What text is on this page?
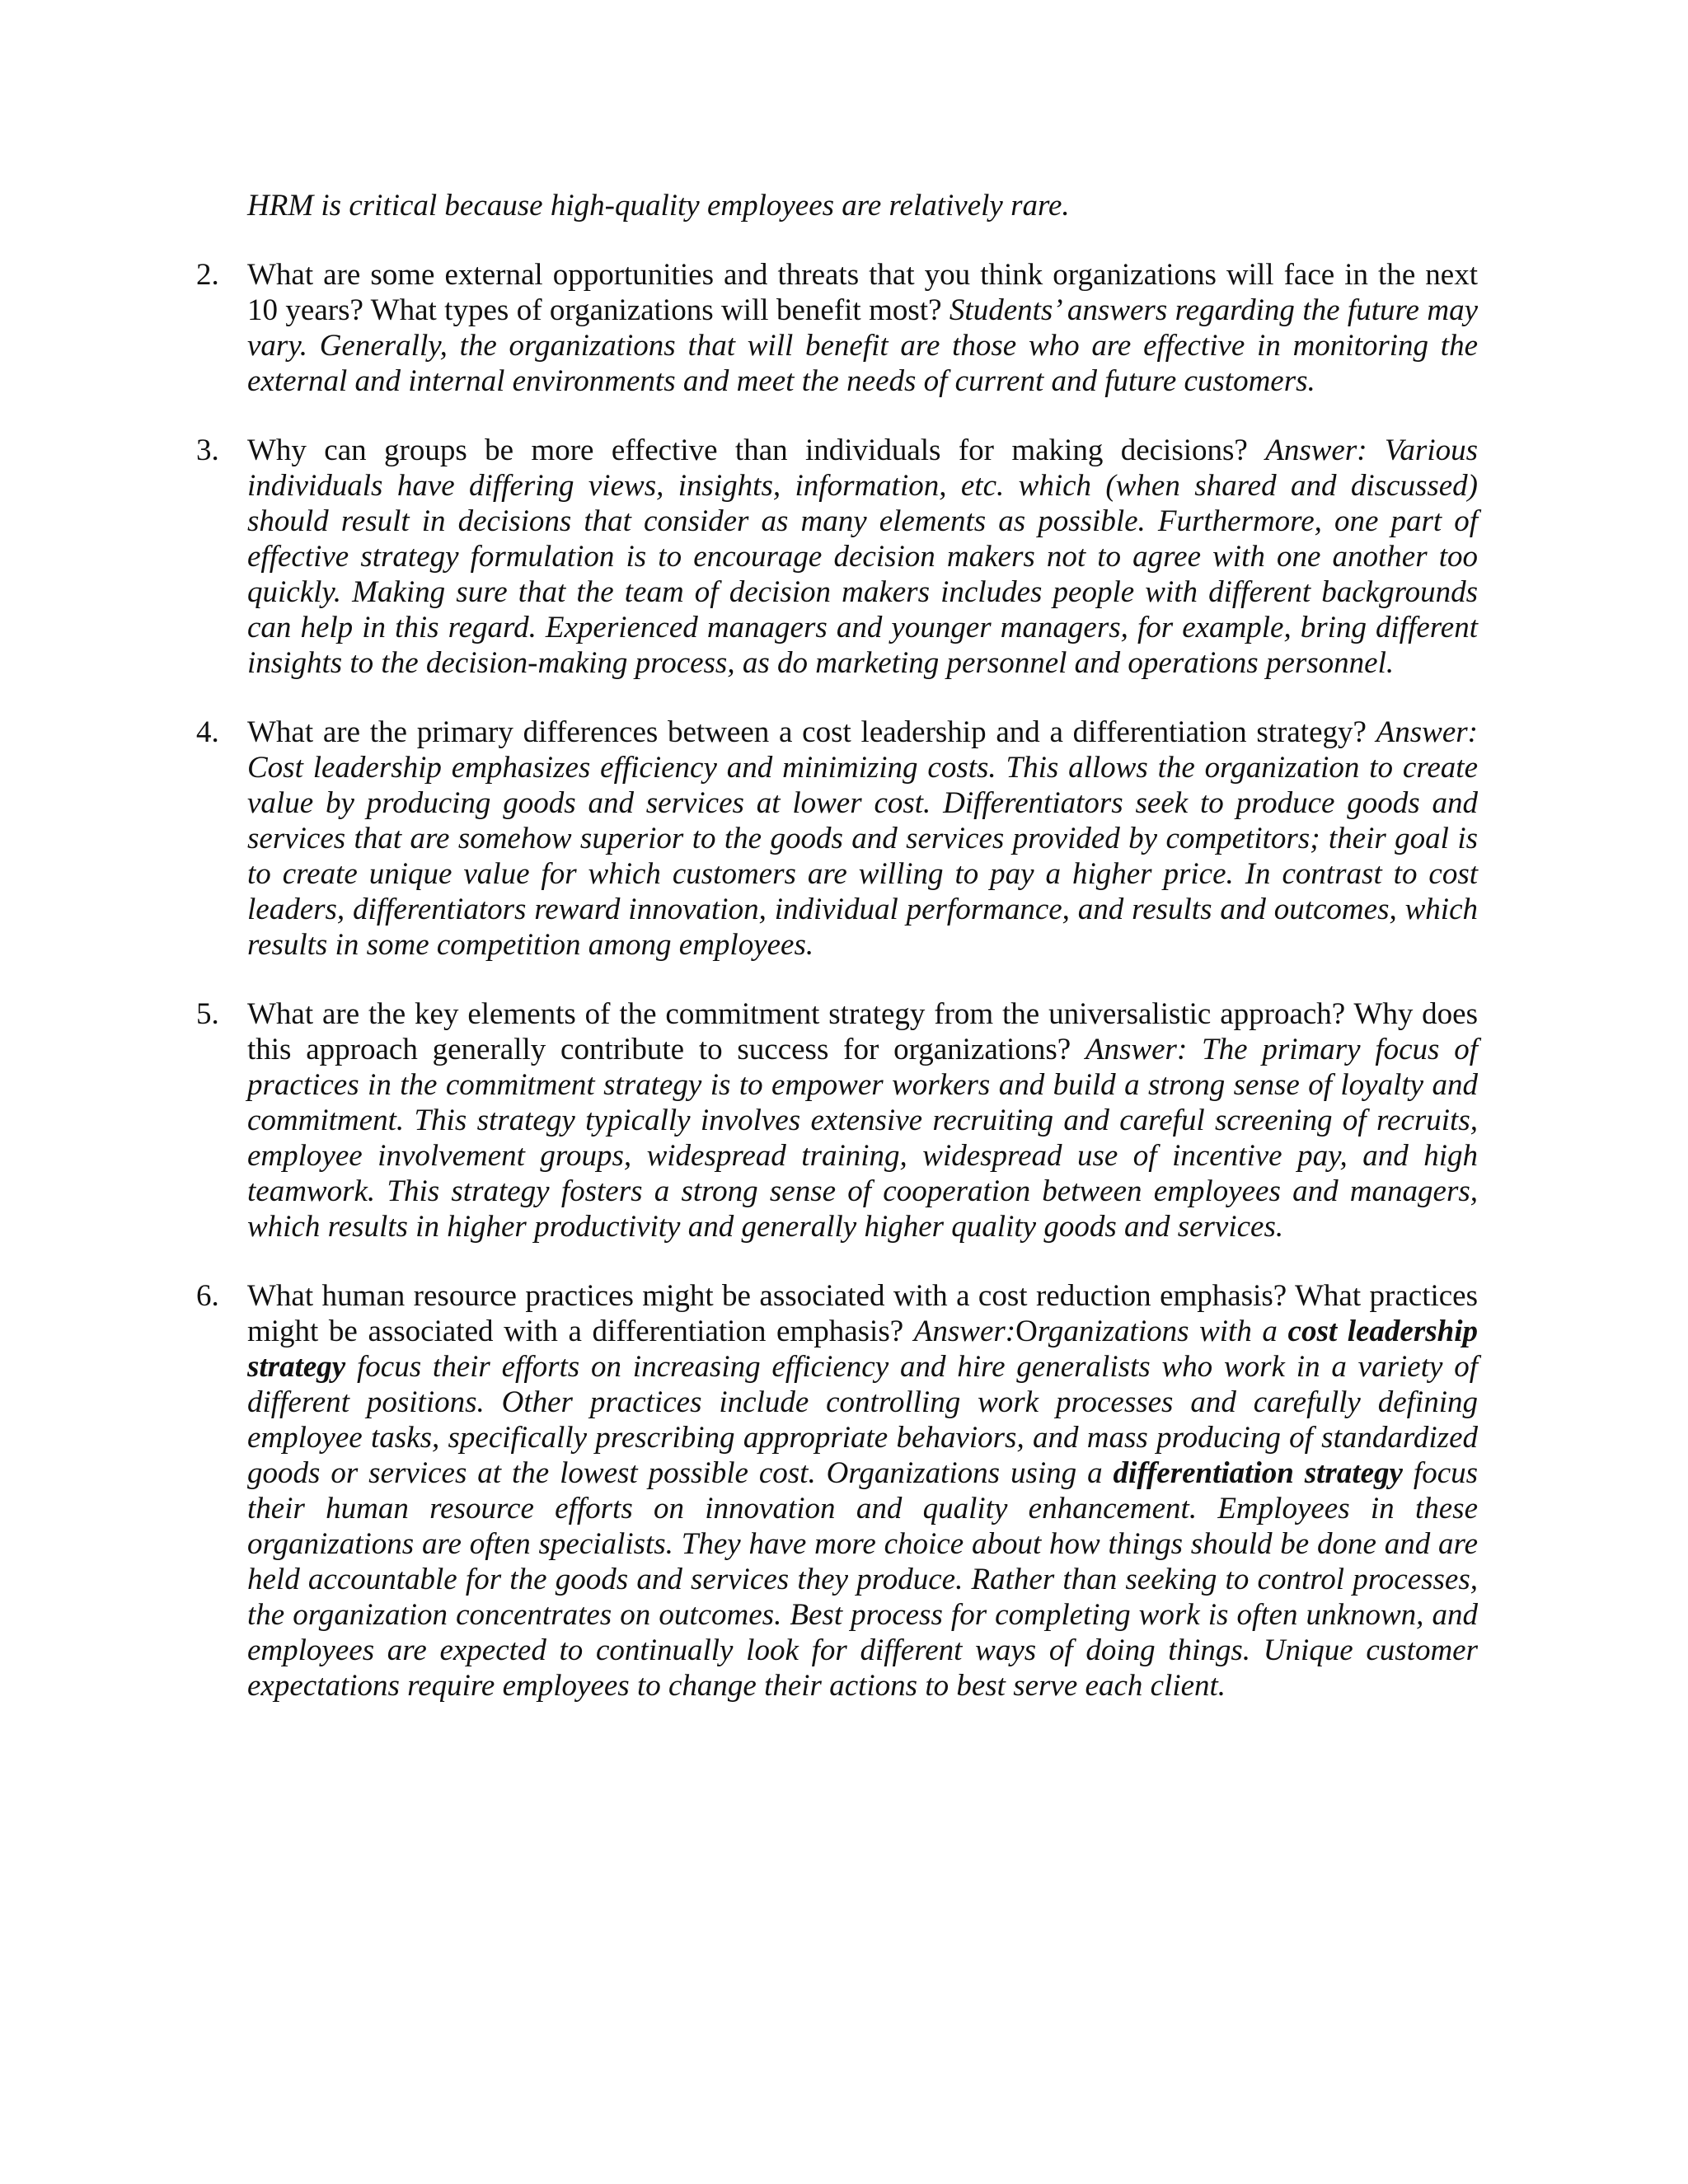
HRM is critical because high-quality employees are relatively rare.

2. What are some external opportunities and threats that you think organizations will face in the next 10 years? What types of organizations will benefit most? Students’ answers regarding the future may vary. Generally, the organizations that will benefit are those who are effective in monitoring the external and internal environments and meet the needs of current and future customers.
3. Why can groups be more effective than individuals for making decisions? Answer: Various individuals have differing views, insights, information, etc. which (when shared and discussed) should result in decisions that consider as many elements as possible. Furthermore, one part of effective strategy formulation is to encourage decision makers not to agree with one another too quickly. Making sure that the team of decision makers includes people with different backgrounds can help in this regard. Experienced managers and younger managers, for example, bring different insights to the decision-making process, as do marketing personnel and operations personnel.
4. What are the primary differences between a cost leadership and a differentiation strategy? Answer: Cost leadership emphasizes efficiency and minimizing costs. This allows the organization to create value by producing goods and services at lower cost. Differentiators seek to produce goods and services that are somehow superior to the goods and services provided by competitors; their goal is to create unique value for which customers are willing to pay a higher price. In contrast to cost leaders, differentiators reward innovation, individual performance, and results and outcomes, which results in some competition among employees.
5. What are the key elements of the commitment strategy from the universalistic approach? Why does this approach generally contribute to success for organizations? Answer: The primary focus of practices in the commitment strategy is to empower workers and build a strong sense of loyalty and commitment. This strategy typically involves extensive recruiting and careful screening of recruits, employee involvement groups, widespread training, widespread use of incentive pay, and high teamwork. This strategy fosters a strong sense of cooperation between employees and managers, which results in higher productivity and generally higher quality goods and services.
6. What human resource practices might be associated with a cost reduction emphasis? What practices might be associated with a differentiation emphasis? Answer:Organizations with a cost leadership strategy focus their efforts on increasing efficiency and hire generalists who work in a variety of different positions. Other practices include controlling work processes and carefully defining employee tasks, specifically prescribing appropriate behaviors, and mass producing of standardized goods or services at the lowest possible cost. Organizations using a differentiation strategy focus their human resource efforts on innovation and quality enhancement. Employees in these organizations are often specialists. They have more choice about how things should be done and are held accountable for the goods and services they produce. Rather than seeking to control processes, the organization concentrates on outcomes. Best process for completing work is often unknown, and employees are expected to continually look for different ways of doing things. Unique customer expectations require employees to change their actions to best serve each client.
